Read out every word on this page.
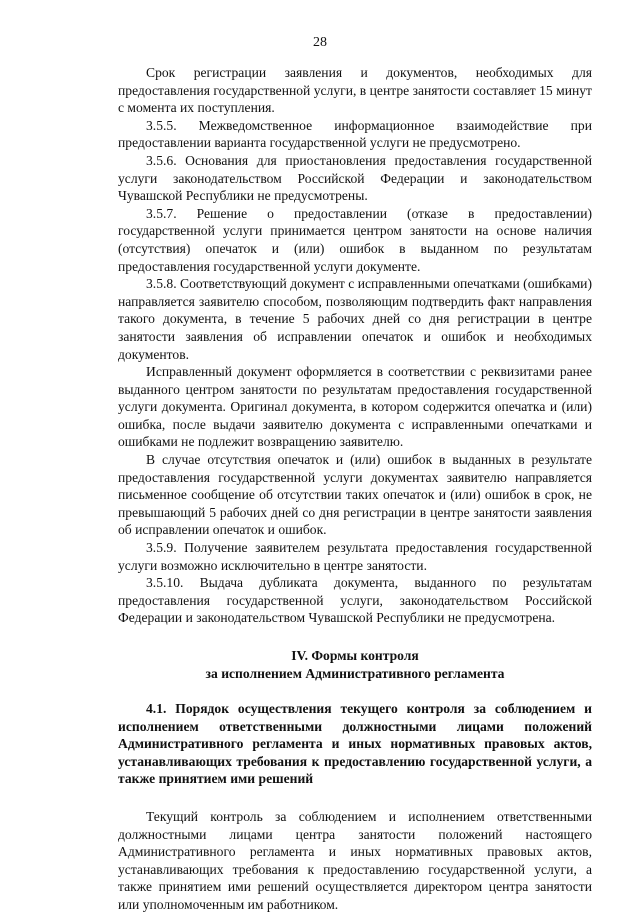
28

Срок регистрации заявления и документов, необходимых для предоставления государственной услуги, в центре занятости составляет 15 минут с момента их поступления.

3.5.5. Межведомственное информационное взаимодействие при предоставлении варианта государственной услуги не предусмотрено.

3.5.6. Основания для приостановления предоставления государственной услуги законодательством Российской Федерации и законодательством Чувашской Республики не предусмотрены.

3.5.7. Решение о предоставлении (отказе в предоставлении) государственной услуги принимается центром занятости на основе наличия (отсутствия) опечаток и (или) ошибок в выданном по результатам предоставления государственной услуги документе.

3.5.8. Соответствующий документ с исправленными опечатками (ошибками) направляется заявителю способом, позволяющим подтвердить факт направления такого документа, в течение 5 рабочих дней со дня регистрации в центре занятости заявления об исправлении опечаток и ошибок и необходимых документов.

Исправленный документ оформляется в соответствии с реквизитами ранее выданного центром занятости по результатам предоставления государственной услуги документа. Оригинал документа, в котором содержится опечатка и (или) ошибка, после выдачи заявителю документа с исправленными опечатками и ошибками не подлежит возвращению заявителю.

В случае отсутствия опечаток и (или) ошибок в выданных в результате предоставления государственной услуги документах заявителю направляется письменное сообщение об отсутствии таких опечаток и (или) ошибок в срок, не превышающий 5 рабочих дней со дня регистрации в центре занятости заявления об исправлении опечаток и ошибок.

3.5.9. Получение заявителем результата предоставления государственной услуги возможно исключительно в центре занятости.

3.5.10. Выдача дубликата документа, выданного по результатам предоставления государственной услуги, законодательством Российской Федерации и законодательством Чувашской Республики не предусмотрена.

IV. Формы контроля
за исполнением Административного регламента

4.1. Порядок осуществления текущего контроля за соблюдением и исполнением ответственными должностными лицами положений Административного регламента и иных нормативных правовых актов, устанавливающих требования к предоставлению государственной услуги, а также принятием ими решений

Текущий контроль за соблюдением и исполнением ответственными должностными лицами центра занятости положений настоящего Административного регламента и иных нормативных правовых актов, устанавливающих требования к предоставлению государственной услуги, а также принятием ими решений осуществляется директором центра занятости или уполномоченным им работником.
